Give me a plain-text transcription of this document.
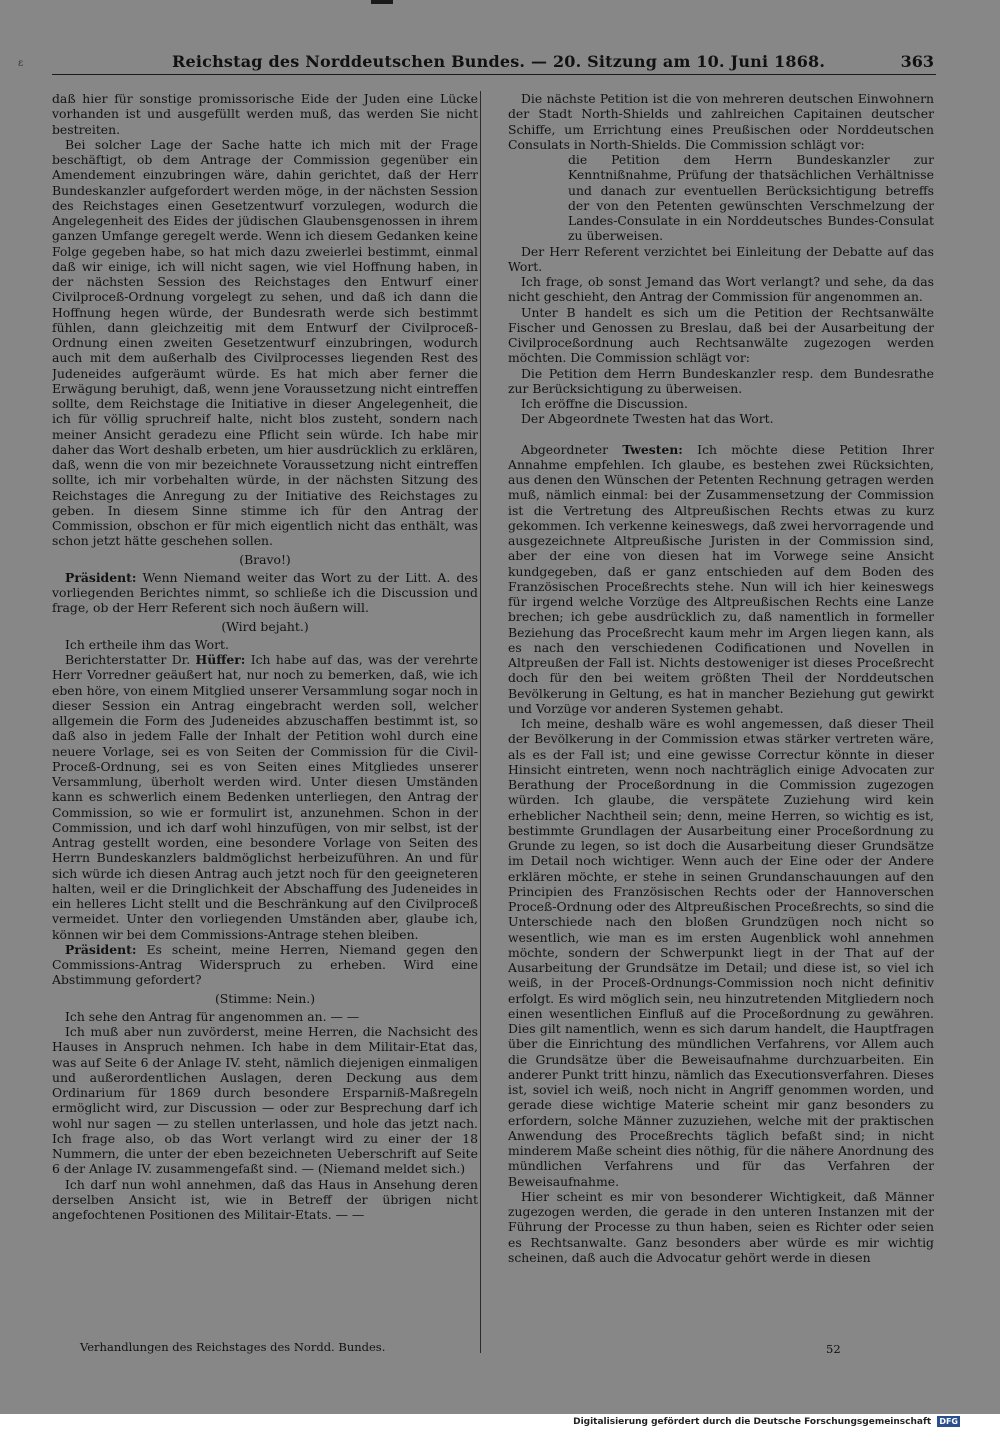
ɛ	Reichstag des Norddeutschen Bundes. — 20. Sitzung am 10. Juni 1868.	363

daß hier für sonstige promissorische Eide der Juden eine Lücke vorhanden ist und ausgefüllt werden muß, das werden Sie nicht bestreiten.

Bei solcher Lage der Sache hatte ich mich mit der Frage beschäftigt, ob dem Antrage der Commission gegenüber ein Amendement einzubringen wäre, dahin gerichtet, daß der Herr Bundeskanzler aufgefordert werden möge, in der nächsten Session des Reichstages einen Gesetzentwurf vorzulegen, wodurch die Angelegenheit des Eides der jüdischen Glaubensgenossen in ihrem ganzen Umfange geregelt werde. Wenn ich diesem Gedanken keine Folge gegeben habe, so hat mich dazu zweierlei bestimmt, einmal daß wir einige, ich will nicht sagen, wie viel Hoffnung haben, in der nächsten Session des Reichstages den Entwurf einer Civilproceß-Ordnung vorgelegt zu sehen, und daß ich dann die Hoffnung hegen würde, der Bundesrath werde sich bestimmt fühlen, dann gleichzeitig mit dem Entwurf der Civilproceß-Ordnung einen zweiten Gesetzentwurf einzubringen, wodurch auch mit dem außerhalb des Civilprocesses liegenden Rest des Judeneides aufgeräumt würde. Es hat mich aber ferner die Erwägung beruhigt, daß, wenn jene Voraussetzung nicht eintreffen sollte, dem Reichstage die Initiative in dieser Angelegenheit, die ich für völlig spruchreif halte, nicht blos zusteht, sondern nach meiner Ansicht geradezu eine Pflicht sein würde. Ich habe mir daher das Wort deshalb erbeten, um hier ausdrücklich zu erklären, daß, wenn die von mir bezeichnete Voraussetzung nicht eintreffen sollte, ich mir vorbehalten würde, in der nächsten Sitzung des Reichstages die Anregung zu der Initiative des Reichstages zu geben. In diesem Sinne stimme ich für den Antrag der Commission, obschon er für mich eigentlich nicht das enthält, was schon jetzt hätte geschehen sollen.

(Bravo!)

Präsident: Wenn Niemand weiter das Wort zu der Litt. A. des vorliegenden Berichtes nimmt, so schließe ich die Discussion und frage, ob der Herr Referent sich noch äußern will.

(Wird bejaht.)

Ich ertheile ihm das Wort.

Berichterstatter Dr. Hüffer: Ich habe auf das, was der verehrte Herr Vorredner geäußert hat, nur noch zu bemerken, daß, wie ich eben höre, von einem Mitglied unserer Versammlung sogar noch in dieser Session ein Antrag eingebracht werden soll, welcher allgemein die Form des Judeneides abzuschaffen bestimmt ist, so daß also in jedem Falle der Inhalt der Petition wohl durch eine neuere Vorlage, sei es von Seiten der Commission für die Civil-Proceß-Ordnung, sei es von Seiten eines Mitgliedes unserer Versammlung, überholt werden wird. Unter diesen Umständen kann es schwerlich einem Bedenken unterliegen, den Antrag der Commission, so wie er formulirt ist, anzunehmen. Schon in der Commission, und ich darf wohl hinzufügen, von mir selbst, ist der Antrag gestellt worden, eine besondere Vorlage von Seiten des Herrn Bundeskanzlers baldmöglichst herbeizuführen. An und für sich würde ich diesen Antrag auch jetzt noch für den geeigneteren halten, weil er die Dringlichkeit der Abschaffung des Judeneides in ein helleres Licht stellt und die Beschränkung auf den Civilproceß vermeidet. Unter den vorliegenden Umständen aber, glaube ich, können wir bei dem Commissions-Antrage stehen bleiben.

Präsident: Es scheint, meine Herren, Niemand gegen den Commissions-Antrag Widerspruch zu erheben. Wird eine Abstimmung gefordert?

(Stimme: Nein.)

Ich sehe den Antrag für angenommen an. — —

Ich muß aber nun zuvörderst, meine Herren, die Nachsicht des Hauses in Anspruch nehmen. Ich habe in dem Militair-Etat das, was auf Seite 6 der Anlage IV. steht, nämlich diejenigen einmaligen und außerordentlichen Auslagen, deren Deckung aus dem Ordinarium für 1869 durch besondere Ersparniß-Maßregeln ermöglicht wird, zur Discussion — oder zur Besprechung darf ich wohl nur sagen — zu stellen unterlassen, und hole das jetzt nach. Ich frage also, ob das Wort verlangt wird zu einer der 18 Nummern, die unter der eben bezeichneten Ueberschrift auf Seite 6 der Anlage IV. zusammengefaßt sind. — (Niemand meldet sich.)

Ich darf nun wohl annehmen, daß das Haus in Ansehung deren derselben Ansicht ist, wie in Betreff der übrigen nicht angefochtenen Positionen des Militair-Etats. — —

Die nächste Petition ist die von mehreren deutschen Einwohnern der Stadt North-Shields und zahlreichen Capitainen deutscher Schiffe, um Errichtung eines Preußischen oder Norddeutschen Consulats in North-Shields. Die Commission schlägt vor:

die Petition dem Herrn Bundeskanzler zur Kenntnißnahme, Prüfung der thatsächlichen Verhältnisse und danach zur eventuellen Berücksichtigung betreffs der von den Petenten gewünschten Verschmelzung der Landes-Consulate in ein Norddeutsches Bundes-Consulat zu überweisen.

Der Herr Referent verzichtet bei Einleitung der Debatte auf das Wort.

Ich frage, ob sonst Jemand das Wort verlangt? und sehe, da das nicht geschieht, den Antrag der Commission für angenommen an.

Unter B handelt es sich um die Petition der Rechtsanwälte Fischer und Genossen zu Breslau, daß bei der Ausarbeitung der Civilproceßordnung auch Rechtsanwälte zugezogen werden möchten. Die Commission schlägt vor:

Die Petition dem Herrn Bundeskanzler resp. dem Bundesrathe zur Berücksichtigung zu überweisen.

Ich eröffne die Discussion.

Der Abgeordnete Twesten hat das Wort.

Abgeordneter Twesten: Ich möchte diese Petition Ihrer Annahme empfehlen. Ich glaube, es bestehen zwei Rücksichten, aus denen den Wünschen der Petenten Rechnung getragen werden muß, nämlich einmal: bei der Zusammensetzung der Commission ist die Vertretung des Altpreußischen Rechts etwas zu kurz gekommen. Ich verkenne keineswegs, daß zwei hervorragende und ausgezeichnete Altpreußische Juristen in der Commission sind, aber der eine von diesen hat im Vorwege seine Ansicht kundgegeben, daß er ganz entschieden auf dem Boden des Französischen Proceßrechts stehe. Nun will ich hier keineswegs für irgend welche Vorzüge des Altpreußischen Rechts eine Lanze brechen; ich gebe ausdrücklich zu, daß namentlich in formeller Beziehung das Proceßrecht kaum mehr im Argen liegen kann, als es nach den verschiedenen Codificationen und Novellen in Altpreußen der Fall ist. Nichts destoweniger ist dieses Proceßrecht doch für den bei weitem größten Theil der Norddeutschen Bevölkerung in Geltung, es hat in mancher Beziehung gut gewirkt und Vorzüge vor anderen Systemen gehabt.

Ich meine, deshalb wäre es wohl angemessen, daß dieser Theil der Bevölkerung in der Commission etwas stärker vertreten wäre, als es der Fall ist; und eine gewisse Correctur könnte in dieser Hinsicht eintreten, wenn noch nachträglich einige Advocaten zur Berathung der Proceßordnung in die Commission zugezogen würden. Ich glaube, die verspätete Zuziehung wird kein erheblicher Nachtheil sein; denn, meine Herren, so wichtig es ist, bestimmte Grundlagen der Ausarbeitung einer Proceßordnung zu Grunde zu legen, so ist doch die Ausarbeitung dieser Grundsätze im Detail noch wichtiger. Wenn auch der Eine oder der Andere erklären möchte, er stehe in seinen Grundanschauungen auf den Principien des Französischen Rechts oder der Hannoverschen Proceß-Ordnung oder des Altpreußischen Proceßrechts, so sind die Unterschiede nach den bloßen Grundzügen noch nicht so wesentlich, wie man es im ersten Augenblick wohl annehmen möchte, sondern der Schwerpunkt liegt in der That auf der Ausarbeitung der Grundsätze im Detail; und diese ist, so viel ich weiß, in der Proceß-Ordnungs-Commission noch nicht definitiv erfolgt. Es wird möglich sein, neu hinzutretenden Mitgliedern noch einen wesentlichen Einfluß auf die Proceßordnung zu gewähren. Dies gilt namentlich, wenn es sich darum handelt, die Hauptfragen über die Einrichtung des mündlichen Verfahrens, vor Allem auch die Grundsätze über die Beweisaufnahme durchzuarbeiten. Ein anderer Punkt tritt hinzu, nämlich das Executionsverfahren. Dieses ist, soviel ich weiß, noch nicht in Angriff genommen worden, und gerade diese wichtige Materie scheint mir ganz besonders zu erfordern, solche Männer zuzuziehen, welche mit der praktischen Anwendung des Proceßrechts täglich befaßt sind; in nicht minderem Maße scheint dies nöthig, für die nähere Anordnung des mündlichen Verfahrens und für das Verfahren der Beweisaufnahme.

Hier scheint es mir von besonderer Wichtigkeit, daß Männer zugezogen werden, die gerade in den unteren Instanzen mit der Führung der Processe zu thun haben, seien es Richter oder seien es Rechtsanwalte. Ganz besonders aber würde es mir wichtig scheinen, daß auch die Advocatur gehört werde in diesen

Verhandlungen des Reichstages des Nordd. Bundes.	52
Digitalisierung gefördert durch die Deutsche Forschungsgemeinschaft DFG
